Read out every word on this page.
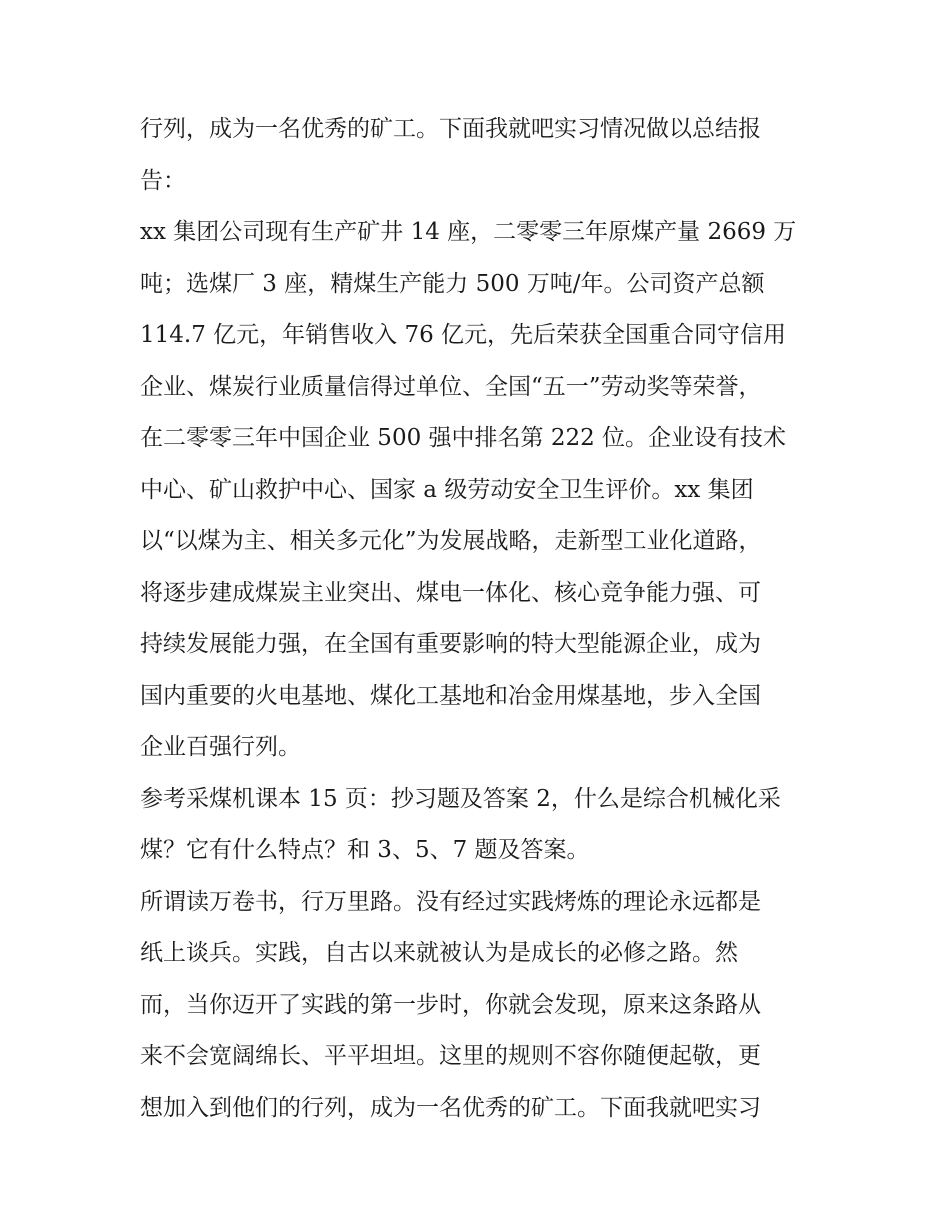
行列，成为一名优秀的矿工。下面我就吧实习情况做以总结报
告：
xx 集团公司现有生产矿井 14 座，二零零三年原煤产量 2669 万
吨；选煤厂 3 座，精煤生产能力 500 万吨/年。公司资产总额
114.7 亿元，年销售收入 76 亿元，先后荣获全国重合同守信用
企业、煤炭行业质量信得过单位、全国“五一”劳动奖等荣誉，
在二零零三年中国企业 500 强中排名第 222 位。企业设有技术
中心、矿山救护中心、国家 a 级劳动安全卫生评价。xx 集团
以“以煤为主、相关多元化”为发展战略，走新型工业化道路，
将逐步建成煤炭主业突出、煤电一体化、核心竞争能力强、可
持续发展能力强，在全国有重要影响的特大型能源企业，成为
国内重要的火电基地、煤化工基地和冶金用煤基地，步入全国
企业百强行列。
参考采煤机课本 15 页：抄习题及答案 2，什么是综合机械化采
煤？它有什么特点？和 3、5、7 题及答案。
所谓读万卷书，行万里路。没有经过实践烤炼的理论永远都是
纸上谈兵。实践，自古以来就被认为是成长的必修之路。然
而，当你迈开了实践的第一步时，你就会发现，原来这条路从
来不会宽阔绵长、平平坦坦。这里的规则不容你随便起敬，更
想加入到他们的行列，成为一名优秀的矿工。下面我就吧实习
